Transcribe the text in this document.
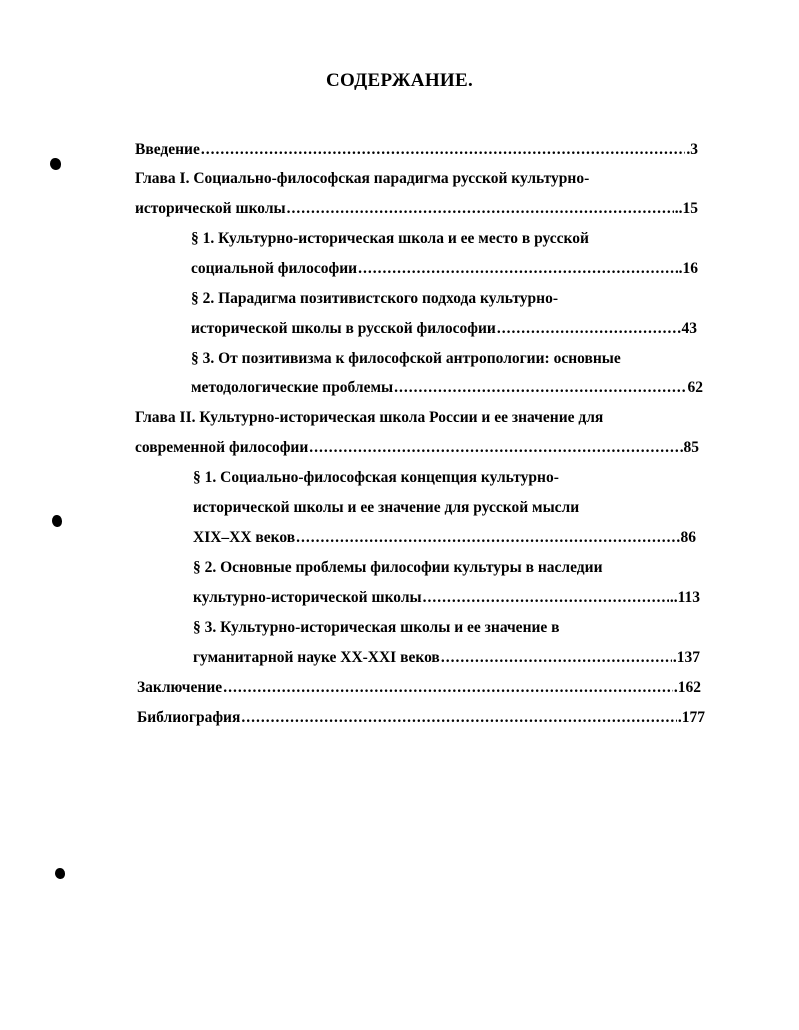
СОДЕРЖАНИЕ.
Введение .....	.3
Глава I. Социально-философская парадигма русской культурно-
исторической школы .....	..15
§ 1. Культурно-историческая школа и ее место в русской
социальной философии .....	.16
§ 2. Парадигма позитивистского подхода культурно-
исторической школы в русской философии .....	43
§ 3. От позитивизма к философской антропологии: основные
методологические проблемы .....	62
Глава II. Культурно-историческая школа России и ее значение для
современной философии .....	85
§ 1. Социально-философская концепция культурно-
исторической школы и ее значение для русской мысли
XIX–XX веков .....	86
§ 2. Основные проблемы философии культуры в наследии
культурно-исторической школы .....	..113
§ 3. Культурно-историческая школы и ее значение в
гуманитарной науке XX-XXI веков .....	.137
Заключение .....	.162
Библиография .....	.177
